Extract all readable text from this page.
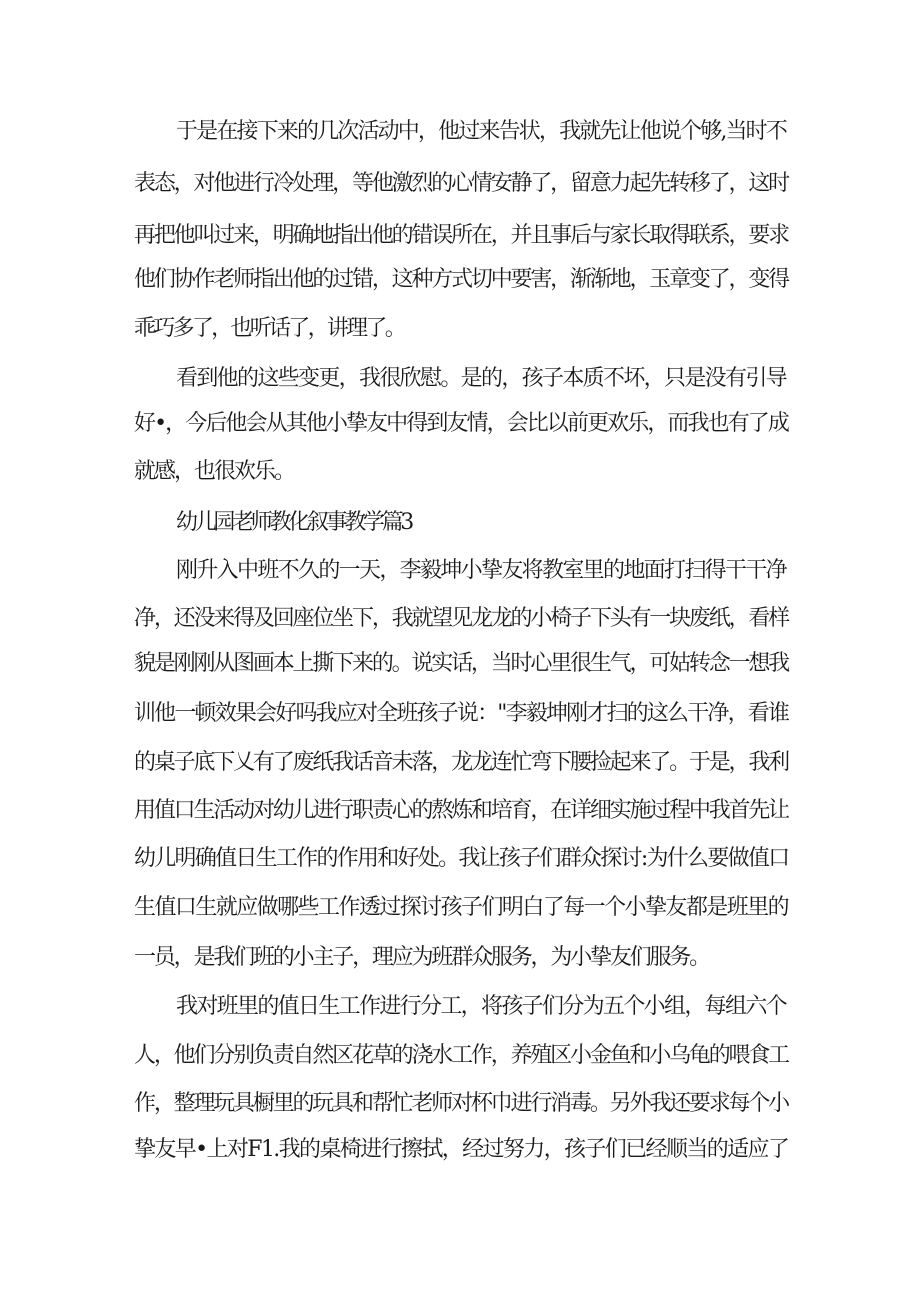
于是在接下来的几次活动中，他过来告状，我就先让他说个够,当时不
表态，对他进行冷处理，等他激烈的心情安静了，留意力起先转移了，这时
再把他叫过来，明确地指出他的错误所在，并且事后与家长取得联系，要求
他们协作老师指出他的过错，这种方式切中要害，渐渐地，玉章变了，变得
乖巧多了，也听话了，讲理了。
看到他的这些变更，我很欣慰。是的，孩子本质不坏，只是没有引导
好•，今后他会从其他小挚友中得到友情，会比以前更欢乐，而我也有了成
就感，也很欢乐。
幼儿园老师教化叙事教学篇3
刚升入中班不久的一天，李毅坤小挚友将教室里的地面打扫得干干净
净，还没来得及回座位坐下，我就望见龙龙的小椅子下头有一块废纸，看样
貌是刚刚从图画本上撕下来的。说实话，当时心里很生气，可姑转念一想我
训他一顿效果会好吗我应对全班孩子说："李毅坤刚才扫的这么干净，看谁
的桌子底下乂有了废纸我话音未落，龙龙连忙弯下腰捡起来了。于是，我利
用值口生活动对幼儿进行职责心的熬炼和培育，在详细实施过程中我首先让
幼儿明确值日生工作的作用和好处。我让孩子们群众探讨:为什么要做值口
生值口生就应做哪些工作透过探讨孩子们明白了每一个小挚友都是班里的
一员，是我们班的小主子，理应为班群众服务，为小挚友们服务。
我对班里的值日生工作进行分工，将孩子们分为五个小组，每组六个
人，他们分别负责自然区花草的浇水工作，养殖区小金鱼和小乌龟的喂食工
作，整理玩具橱里的玩具和帮忙老师对杯巾进行消毒。另外我还要求每个小
挚友早•上对F1.我的桌椅进行擦拭，经过努力，孩子们已经顺当的适应了
